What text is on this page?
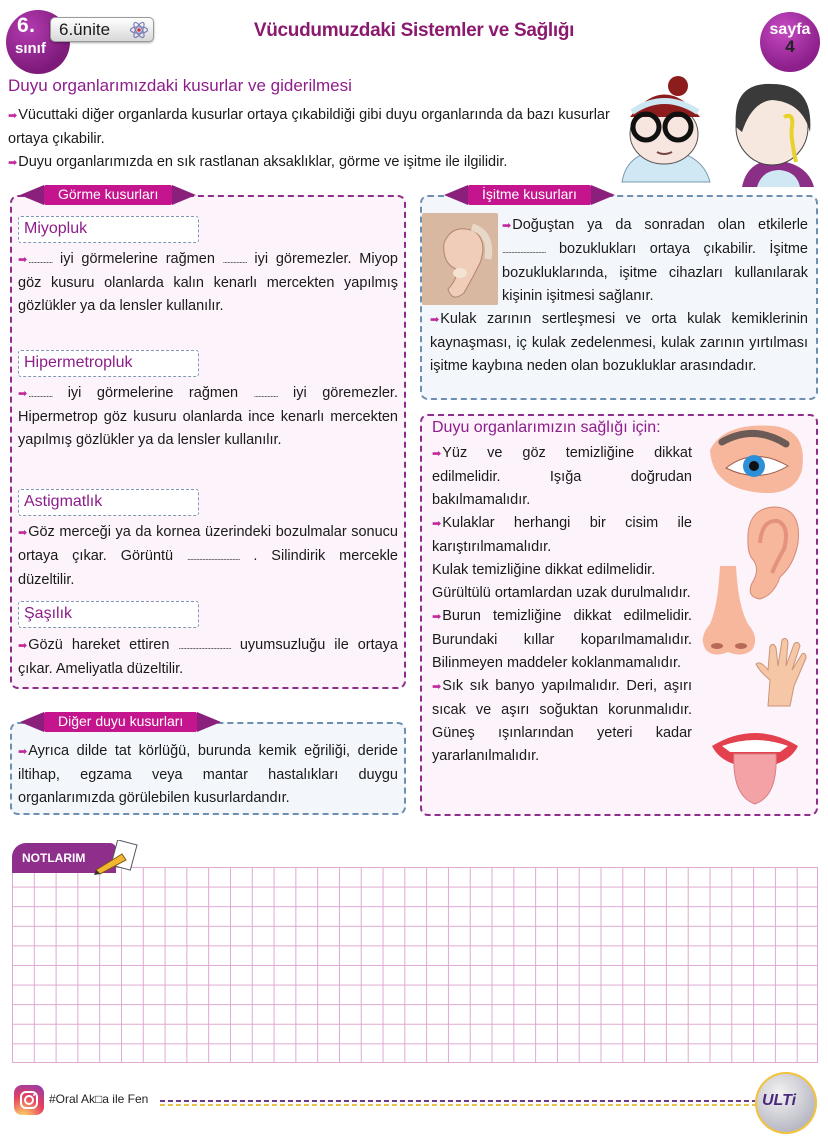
6.
sınıf
6.ünite	Vücudumuzdaki Sistemler ve Sağlığı	sayfa
4
Duyu organlarımızdaki kusurlar ve giderilmesi
➡Vücuttaki diğer organlarda kusurlar ortaya çıkabildiği gibi duyu organlarında da bazı kusurlar ortaya çıkabilir.
➡Duyu organlarımızda en sık rastlanan aksaklıklar, görme ve işitme ile ilgilidir.
Görme kusurları
Miyopluk
➡................ iyi görmelerine rağmen ................ iyi göremezler. Miyop göz kusuru olanlarda kalın kenarlı mercekten yapılmış gözlükler ya da lensler kullanılır.
Hipermetropluk
➡................ iyi görmelerine rağmen ................ iyi göremezler. Hipermetrop göz kusuru olanlarda ince kenarlı mercekten yapılmış gözlükler ya da lensler kullanılır.
Astigmatlık
➡Göz merceği ya da kornea üzerindeki bozulmalar sonucu ortaya çıkar. Görüntü ................................... . Silindirik mercekle düzeltilir.
Şaşılık
➡Gözü hareket ettiren ................................... uyumsuzluğu ile ortaya çıkar. Ameliyatla düzeltilir.
İşitme kusurları
➡Doğuştan ya da sonradan olan etkilerle ............................. bozuklukları ortaya çıkabilir. İşitme bozukluklarında, işitme cihazları kullanılarak kişinin işitmesi sağlanır.
➡Kulak zarının sertleşmesi ve orta kulak kemiklerinin kaynaşması, iç kulak zedelenmesi, kulak zarının yırtılması işitme kaybına neden olan bozukluklar arasındadır.
Duyu organlarımızın sağlığı için:
➡Yüz ve göz temizliğine dikkat edilmelidir. Işığa doğrudan bakılmamalıdır.
➡Kulaklar herhangi bir cisim ile karıştırılmamalıdır.
Kulak temizliğine dikkat edilmelidir. Gürültülü ortamlardan uzak durulmalıdır.
➡Burun temizliğine dikkat edilmelidir. Burundaki kıllar koparılmamalıdır. Bilinmeyen maddeler koklanmamalıdır.
➡Sık sık banyo yapılmalıdır. Deri, aşırı sıcak ve aşırı soğuktan korunmalıdır. Güneş ışınlarından yeteri kadar yararlanılmalıdır.
Diğer duyu kusurları
➡Ayrıca dilde tat körlüğü, burunda kemik eğriliği, deride iltihap, egzama veya mantar hastalıkları duygu organlarımızda görülebilen kusurlardandır.
NOTLARIM
#Oral Ak□a ile Fen	ULTi
